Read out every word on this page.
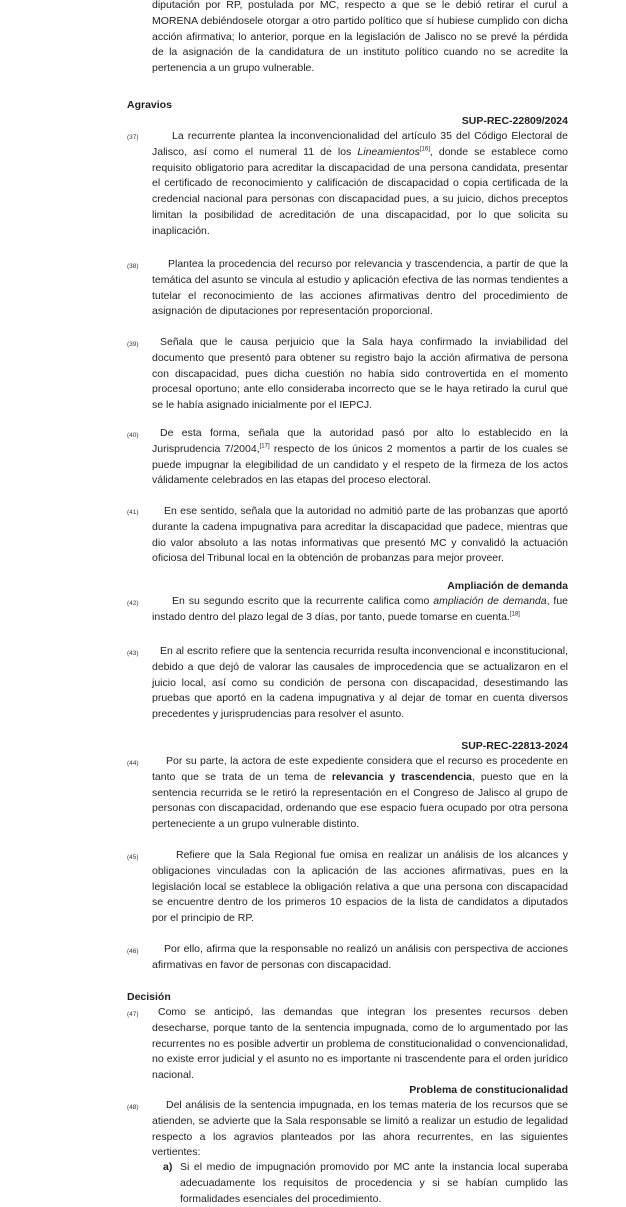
diputación por RP, postulada por MC, respecto a que se le debió retirar el curul a MORENA debiéndosele otorgar a otro partido político que sí hubiese cumplido con dicha acción afirmativa; lo anterior, porque en la legislación de Jalisco no se prevé la pérdida de la asignación de la candidatura de un instituto político cuando no se acredite la pertenencia a un grupo vulnerable.
Agravios
SUP-REC-22809/2024
(37)	La recurrente plantea la inconvencionalidad del artículo 35 del Código Electoral de Jalisco, así como el numeral 11 de los Lineamientos[16], donde se establece como requisito obligatorio para acreditar la discapacidad de una persona candidata, presentar el certificado de reconocimiento y calificación de discapacidad o copia certificada de la credencial nacional para personas con discapacidad pues, a su juicio, dichos preceptos limitan la posibilidad de acreditación de una discapacidad, por lo que solicita su inaplicación.
(38)	Plantea la procedencia del recurso por relevancia y trascendencia, a partir de que la temática del asunto se vincula al estudio y aplicación efectiva de las normas tendientes a tutelar el reconocimiento de las acciones afirmativas dentro del procedimiento de asignación de diputaciones por representación proporcional.
(39)	Señala que le causa perjuicio que la Sala haya confirmado la inviabilidad del documento que presentó para obtener su registro bajo la acción afirmativa de persona con discapacidad, pues dicha cuestión no había sido controvertida en el momento procesal oportuno; ante ello consideraba incorrecto que se le haya retirado la curul que se le había asignado inicialmente por el IEPCJ.
(40)	De esta forma, señala que la autoridad pasó por alto lo establecido en la Jurisprudencia 7/2004,[17] respecto de los únicos 2 momentos a partir de los cuales se puede impugnar la elegibilidad de un candidato y el respeto de la firmeza de los actos válidamente celebrados en las etapas del proceso electoral.
(41)	En ese sentido, señala que la autoridad no admitió parte de las probanzas que aportó durante la cadena impugnativa para acreditar la discapacidad que padece, mientras que dio valor absoluto a las notas informativas que presentó MC y convalidó la actuación oficiosa del Tribunal local en la obtención de probanzas para mejor proveer.
Ampliación de demanda
(42)	En su segundo escrito que la recurrente califica como ampliación de demanda, fue instado dentro del plazo legal de 3 días, por tanto, puede tomarse en cuenta.[18]
(43)	En al escrito refiere que la sentencia recurrida resulta inconvencional e inconstitucional, debido a que dejó de valorar las causales de improcedencia que se actualizaron en el juicio local, así como su condición de persona con discapacidad, desestimando las pruebas que aportó en la cadena impugnativa y al dejar de tomar en cuenta diversos precedentes y jurisprudencias para resolver el asunto.
SUP-REC-22813-2024
(44)	Por su parte, la actora de este expediente considera que el recurso es procedente en tanto que se trata de un tema de relevancia y trascendencia, puesto que en la sentencia recurrida se le retiró la representación en el Congreso de Jalisco al grupo de personas con discapacidad, ordenando que ese espacio fuera ocupado por otra persona perteneciente a un grupo vulnerable distinto.
(45)	Refiere que la Sala Regional fue omisa en realizar un análisis de los alcances y obligaciones vinculadas con la aplicación de las acciones afirmativas, pues en la legislación local se establece la obligación relativa a que una persona con discapacidad se encuentre dentro de los primeros 10 espacios de la lista de candidatos a diputados por el principio de RP.
(46)	Por ello, afirma que la responsable no realizó un análisis con perspectiva de acciones afirmativas en favor de personas con discapacidad.
Decisión
(47)	Como se anticipó, las demandas que integran los presentes recursos deben desecharse, porque tanto de la sentencia impugnada, como de lo argumentado por las recurrentes no es posible advertir un problema de constitucionalidad o convencionalidad, no existe error judicial y el asunto no es importante ni trascendente para el orden jurídico nacional.
Problema de constitucionalidad
(48)	Del análisis de la sentencia impugnada, en los temas materia de los recursos que se atienden, se advierte que la Sala responsable se limitó a realizar un estudio de legalidad respecto a los agravios planteados por las ahora recurrentes, en las siguientes vertientes:
a) Si el medio de impugnación promovido por MC ante la instancia local superaba adecuadamente los requisitos de procedencia y si se habían cumplido las formalidades esenciales del procedimiento.
